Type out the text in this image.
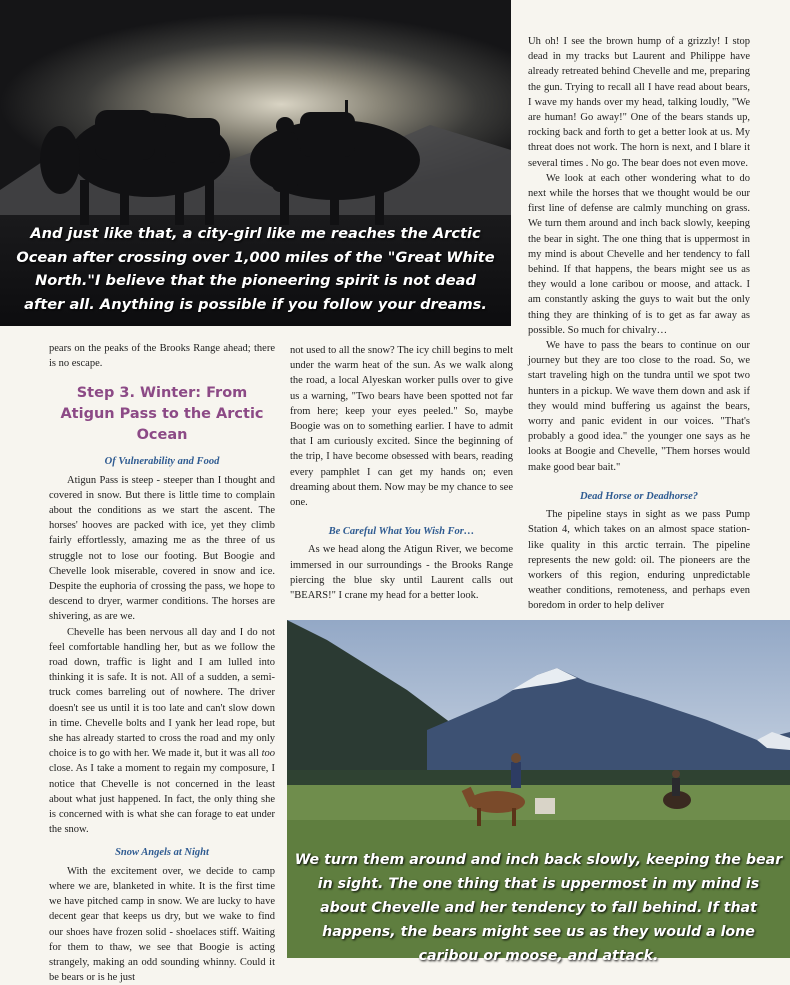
And just like that, a city-girl like me reaches the Arctic Ocean after crossing over 1,000 miles of the "Great White North."I believe that the pioneering spirit is not dead after all. Anything is possible if you follow your dreams.

pears on the peaks of the Brooks Range ahead; there is no escape.

Step 3. Winter: From Atigun Pass to the Arctic Ocean
Of Vulnerability and Food

Atigun Pass is steep - steeper than I thought and covered in snow. But there is little time to complain about the conditions as we start the ascent. The horses' hooves are packed with ice, yet they climb fairly effortlessly, amazing me as the three of us struggle not to lose our footing. But Boogie and Chevelle look miserable, covered in snow and ice. Despite the euphoria of crossing the pass, we hope to descend to dryer, warmer conditions. The horses are shivering, as are we.

Chevelle has been nervous all day and I do not feel comfortable handling her, but as we follow the road down, traffic is light and I am lulled into thinking it is safe. It is not. All of a sudden, a semi-truck comes barreling out of nowhere. The driver doesn't see us until it is too late and can't slow down in time. Chevelle bolts and I yank her lead rope, but she has already started to cross the road and my only choice is to go with her. We made it, but it was all too close. As I take a moment to regain my composure, I notice that Chevelle is not concerned in the least about what just happened. In fact, the only thing she is concerned with is what she can forage to eat under the snow.

Snow Angels at Night

With the excitement over, we decide to camp where we are, blanketed in white. It is the first time we have pitched camp in snow. We are lucky to have decent gear that keeps us dry, but we wake to find our shoes have frozen solid - shoelaces stiff. Waiting for them to thaw, we see that Boogie is acting strangely, making an odd sounding whinny. Could it be bears or is he just

not used to all the snow? The icy chill begins to melt under the warm heat of the sun. As we walk along the road, a local Alyeskan worker pulls over to give us a warning, "Two bears have been spotted not far from here; keep your eyes peeled." So, maybe Boogie was on to something earlier. I have to admit that I am curiously excited. Since the beginning of the trip, I have become obsessed with bears, reading every pamphlet I can get my hands on; even dreaming about them. Now may be my chance to see one.

Be Careful What You Wish For…

As we head along the Atigun River, we become immersed in our surroundings - the Brooks Range piercing the blue sky until Laurent calls out "BEARS!" I crane my head for a better look.

Uh oh! I see the brown hump of a grizzly! I stop dead in my tracks but Laurent and Philippe have already retreated behind Chevelle and me, preparing the gun. Trying to recall all I have read about bears, I wave my hands over my head, talking loudly, "We are human! Go away!" One of the bears stands up, rocking back and forth to get a better look at us. My threat does not work. The horn is next, and I blare it several times . No go. The bear does not even move.

We look at each other wondering what to do next while the horses that we thought would be our first line of defense are calmly munching on grass. We turn them around and inch back slowly, keeping the bear in sight. The one thing that is uppermost in my mind is about Chevelle and her tendency to fall behind. If that happens, the bears might see us as they would a lone caribou or moose, and attack. I am constantly asking the guys to wait but the only thing they are thinking of is to get as far away as possible. So much for chivalry…

We have to pass the bears to continue on our journey but they are too close to the road. So, we start traveling high on the tundra until we spot two hunters in a pickup. We wave them down and ask if they would mind buffering us against the bears, worry and panic evident in our voices. "That's probably a good idea." the younger one says as he looks at Boogie and Chevelle, "Them horses would make good bear bait."

Dead Horse or Deadhorse?

The pipeline stays in sight as we pass Pump Station 4, which takes on an almost space station-like quality in this arctic terrain. The pipeline represents the new gold: oil. The pioneers are the workers of this region, enduring unpredictable weather conditions, remoteness, and perhaps even boredom in order to help deliver

We turn them around and inch back slowly, keeping the bear in sight. The one thing that is uppermost in my mind is about Chevelle and her tendency to fall behind. If that happens, the bears might see us as they would a lone caribou or moose, and attack.
